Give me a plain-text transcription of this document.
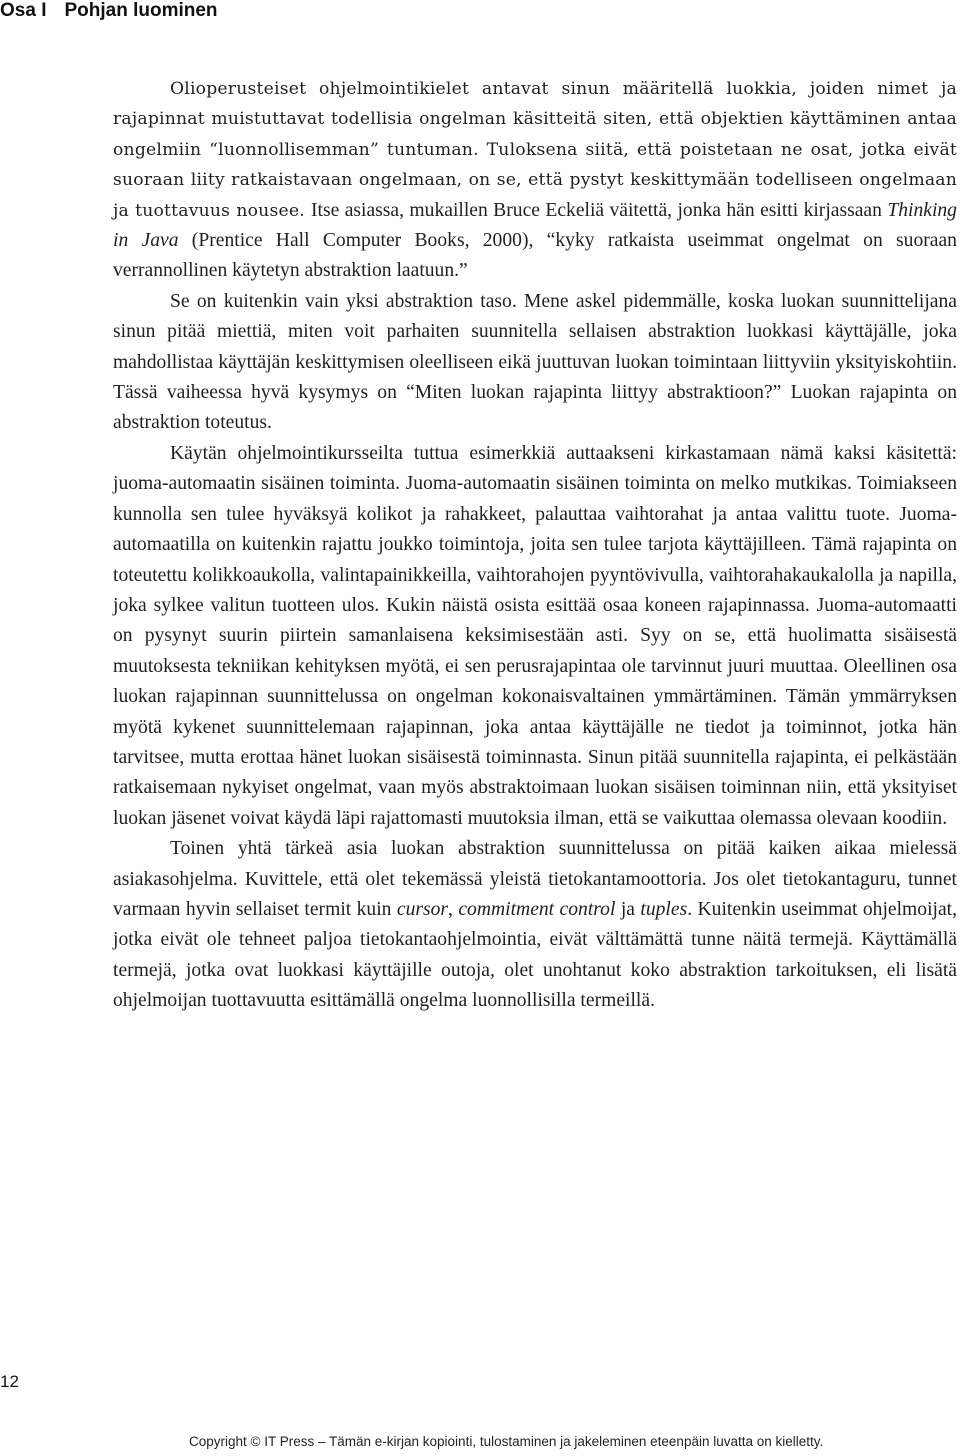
Osa I Pohjan luominen

Olioperusteiset ohjelmointikielet antavat sinun määritellä luokkia, joiden nimet ja rajapinnat muistuttavat todellisia ongelman käsitteitä siten, että objektien käyttäminen antaa ongelmiin “luonnollisemman” tuntuman. Tuloksena siitä, että poistetaan ne osat, jotka eivät suoraan liity ratkaistavaan ongelmaan, on se, että pystyt keskittymään todelliseen ongelmaan ja tuottavuus nousee. Itse asiassa, mukaillen Bruce Eckeliä väitettä, jonka hän esitti kirjassaan Thinking in Java (Prentice Hall Computer Books, 2000), “kyky ratkaista useimmat ongelmat on suoraan verrannollinen käytetyn abstraktion laatuun.”

Se on kuitenkin vain yksi abstraktion taso. Mene askel pidemmälle, koska luokan suunnittelijana sinun pitää miettiä, miten voit parhaiten suunnitella sellaisen abstraktion luokkasi käyttäjälle, joka mahdollistaa käyttäjän keskittymisen oleelliseen eikä juuttuvan luokan toimintaan liittyviin yksityiskohtiin. Tässä vaiheessa hyvä kysymys on “Miten luokan rajapinta liittyy abstraktioon?” Luokan rajapinta on abstraktion toteutus.

Käytän ohjelmointikursseilta tuttua esimerkkiä auttaakseni kirkastamaan nämä kaksi käsitettä: juoma-automaatin sisäinen toiminta. Juoma-automaatin sisäinen toiminta on melko mutkikas. Toimiakseen kunnolla sen tulee hyväksyä kolikot ja rahakkeet, palauttaa vaihtorahat ja antaa valittu tuote. Juoma-automaatilla on kuitenkin rajattu joukko toimintoja, joita sen tulee tarjota käyttäjilleen. Tämä rajapinta on toteutettu kolikkoaukolla, valintapainikkeilla, vaihtorahojen pyyntövivulla, vaihtorahakaukalolla ja napilla, joka sylkee valitun tuotteen ulos. Kukin näistä osista esittää osaa koneen rajapinnassa. Juoma-automaatti on pysynyt suurin piirtein samanlaisena keksimisestään asti. Syy on se, että huolimatta sisäisestä muutoksesta tekniikan kehityksen myötä, ei sen perusrajapintaa ole tarvinnut juuri muuttaa. Oleellinen osa luokan rajapinnan suunnittelussa on ongelman kokonaisvaltainen ymmärtäminen. Tämän ymmärryksen myötä kykenet suunnittelemaan rajapinnan, joka antaa käyttäjälle ne tiedot ja toiminnot, jotka hän tarvitsee, mutta erottaa hänet luokan sisäisestä toiminnasta. Sinun pitää suunnitella rajapinta, ei pelkästään ratkaisemaan nykyiset ongelmat, vaan myös abstraktoimaan luokan sisäisen toiminnan niin, että yksityiset luokan jäsenet voivat käydä läpi rajattomasti muutoksia ilman, että se vaikuttaa olemassa olevaan koodiin.

Toinen yhtä tärkeä asia luokan abstraktion suunnittelussa on pitää kaiken aikaa mielessä asiakasohjelma. Kuvittele, että olet tekemässä yleistä tietokantamoottoria. Jos olet tietokantaguru, tunnet varmaan hyvin sellaiset termit kuin cursor, commitment control ja tuples. Kuitenkin useimmat ohjelmoijat, jotka eivät ole tehneet paljoa tietokantaohjelmointia, eivät välttämättä tunne näitä termejä. Käyttämällä termejä, jotka ovat luokkasi käyttäjille outoja, olet unohtanut koko abstraktion tarkoituksen, eli lisätä ohjelmoijan tuottavuutta esittämällä ongelma luonnollisilla termeillä.

12
Copyright © IT Press – Tämän e-kirjan kopiointi, tulostaminen ja jakeleminen eteenpäin luvatta on kielletty.
